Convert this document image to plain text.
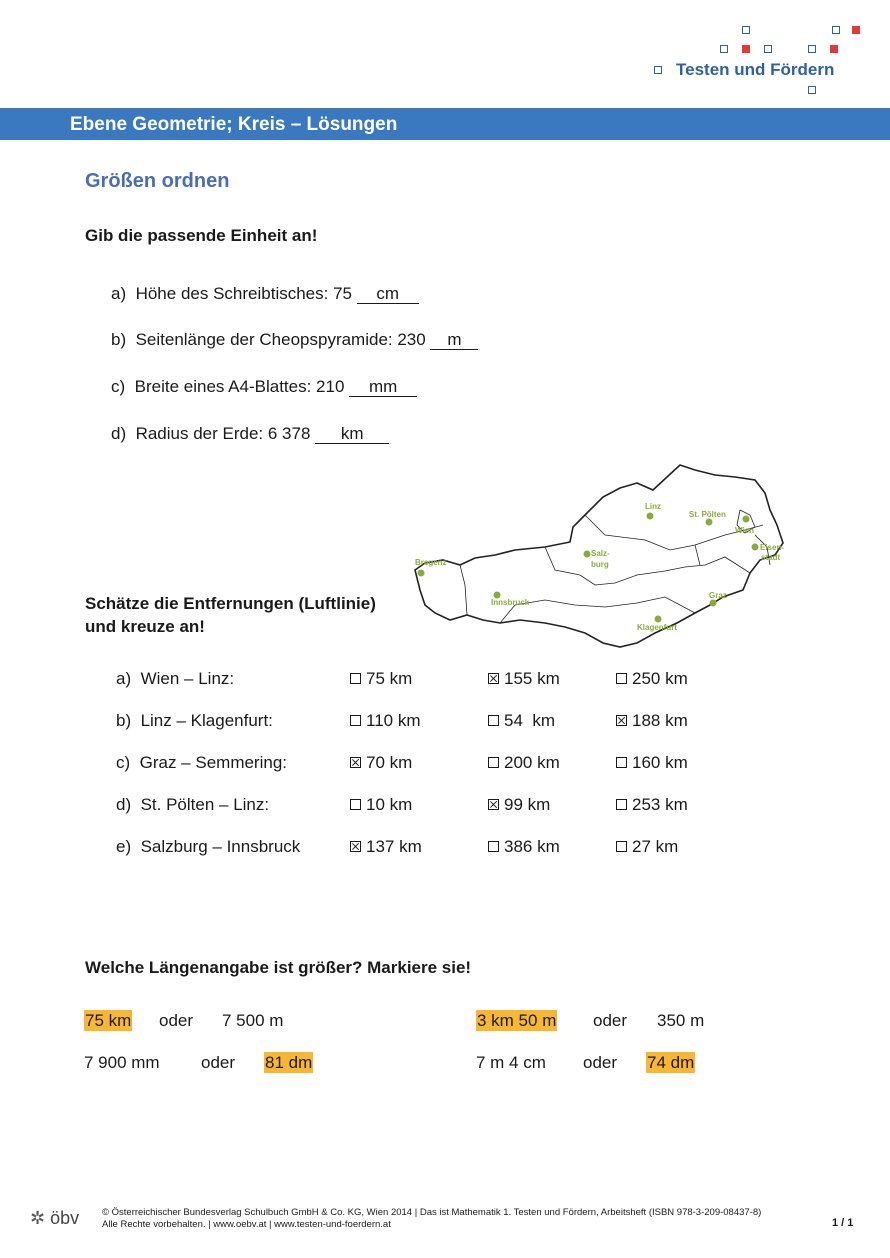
Testen und Fördern
Ebene Geometrie; Kreis – Lösungen
Größen ordnen
Gib die passende Einheit an!
a) Höhe des Schreibtisches: 75 cm
b) Seitenlänge der Cheopspyramide: 230 m
c) Breite eines A4-Blattes: 210 mm
d) Radius der Erde: 6 378 km
Bregenz
Innsbruck
Salz-
burg
Linz
St. Pölten
Wien
Eisen-
stadt
Graz
Klagenfurt
Schätze die Entfernungen (Luftlinie)
und kreuze an!
a) Wien – Linz:	75 km	155 km	250 km
b) Linz – Klagenfurt:	110 km	54  km	188 km
c) Graz – Semmering:	70 km	200 km	160 km
d) St. Pölten – Linz:	10 km	99 km	253 km
e) Salzburg – Innsbruck	137 km	386 km	27 km
Welche Längenangabe ist größer? Markiere sie!
75 km oder 7 500 m	3 km 50 m oder 350 m
7 900 mm oder 81 dm	7 m 4 cm oder 74 dm
✲ öbv © Österreichischer Bundesverlag Schulbuch GmbH & Co. KG, Wien 2014 | Das ist Mathematik 1. Testen und Fördern, Arbeitsheft (ISBN 978-3-209-08437-8)
Alle Rechte vorbehalten. | www.oebv.at | www.testen-und-foerdern.at	1 / 1
